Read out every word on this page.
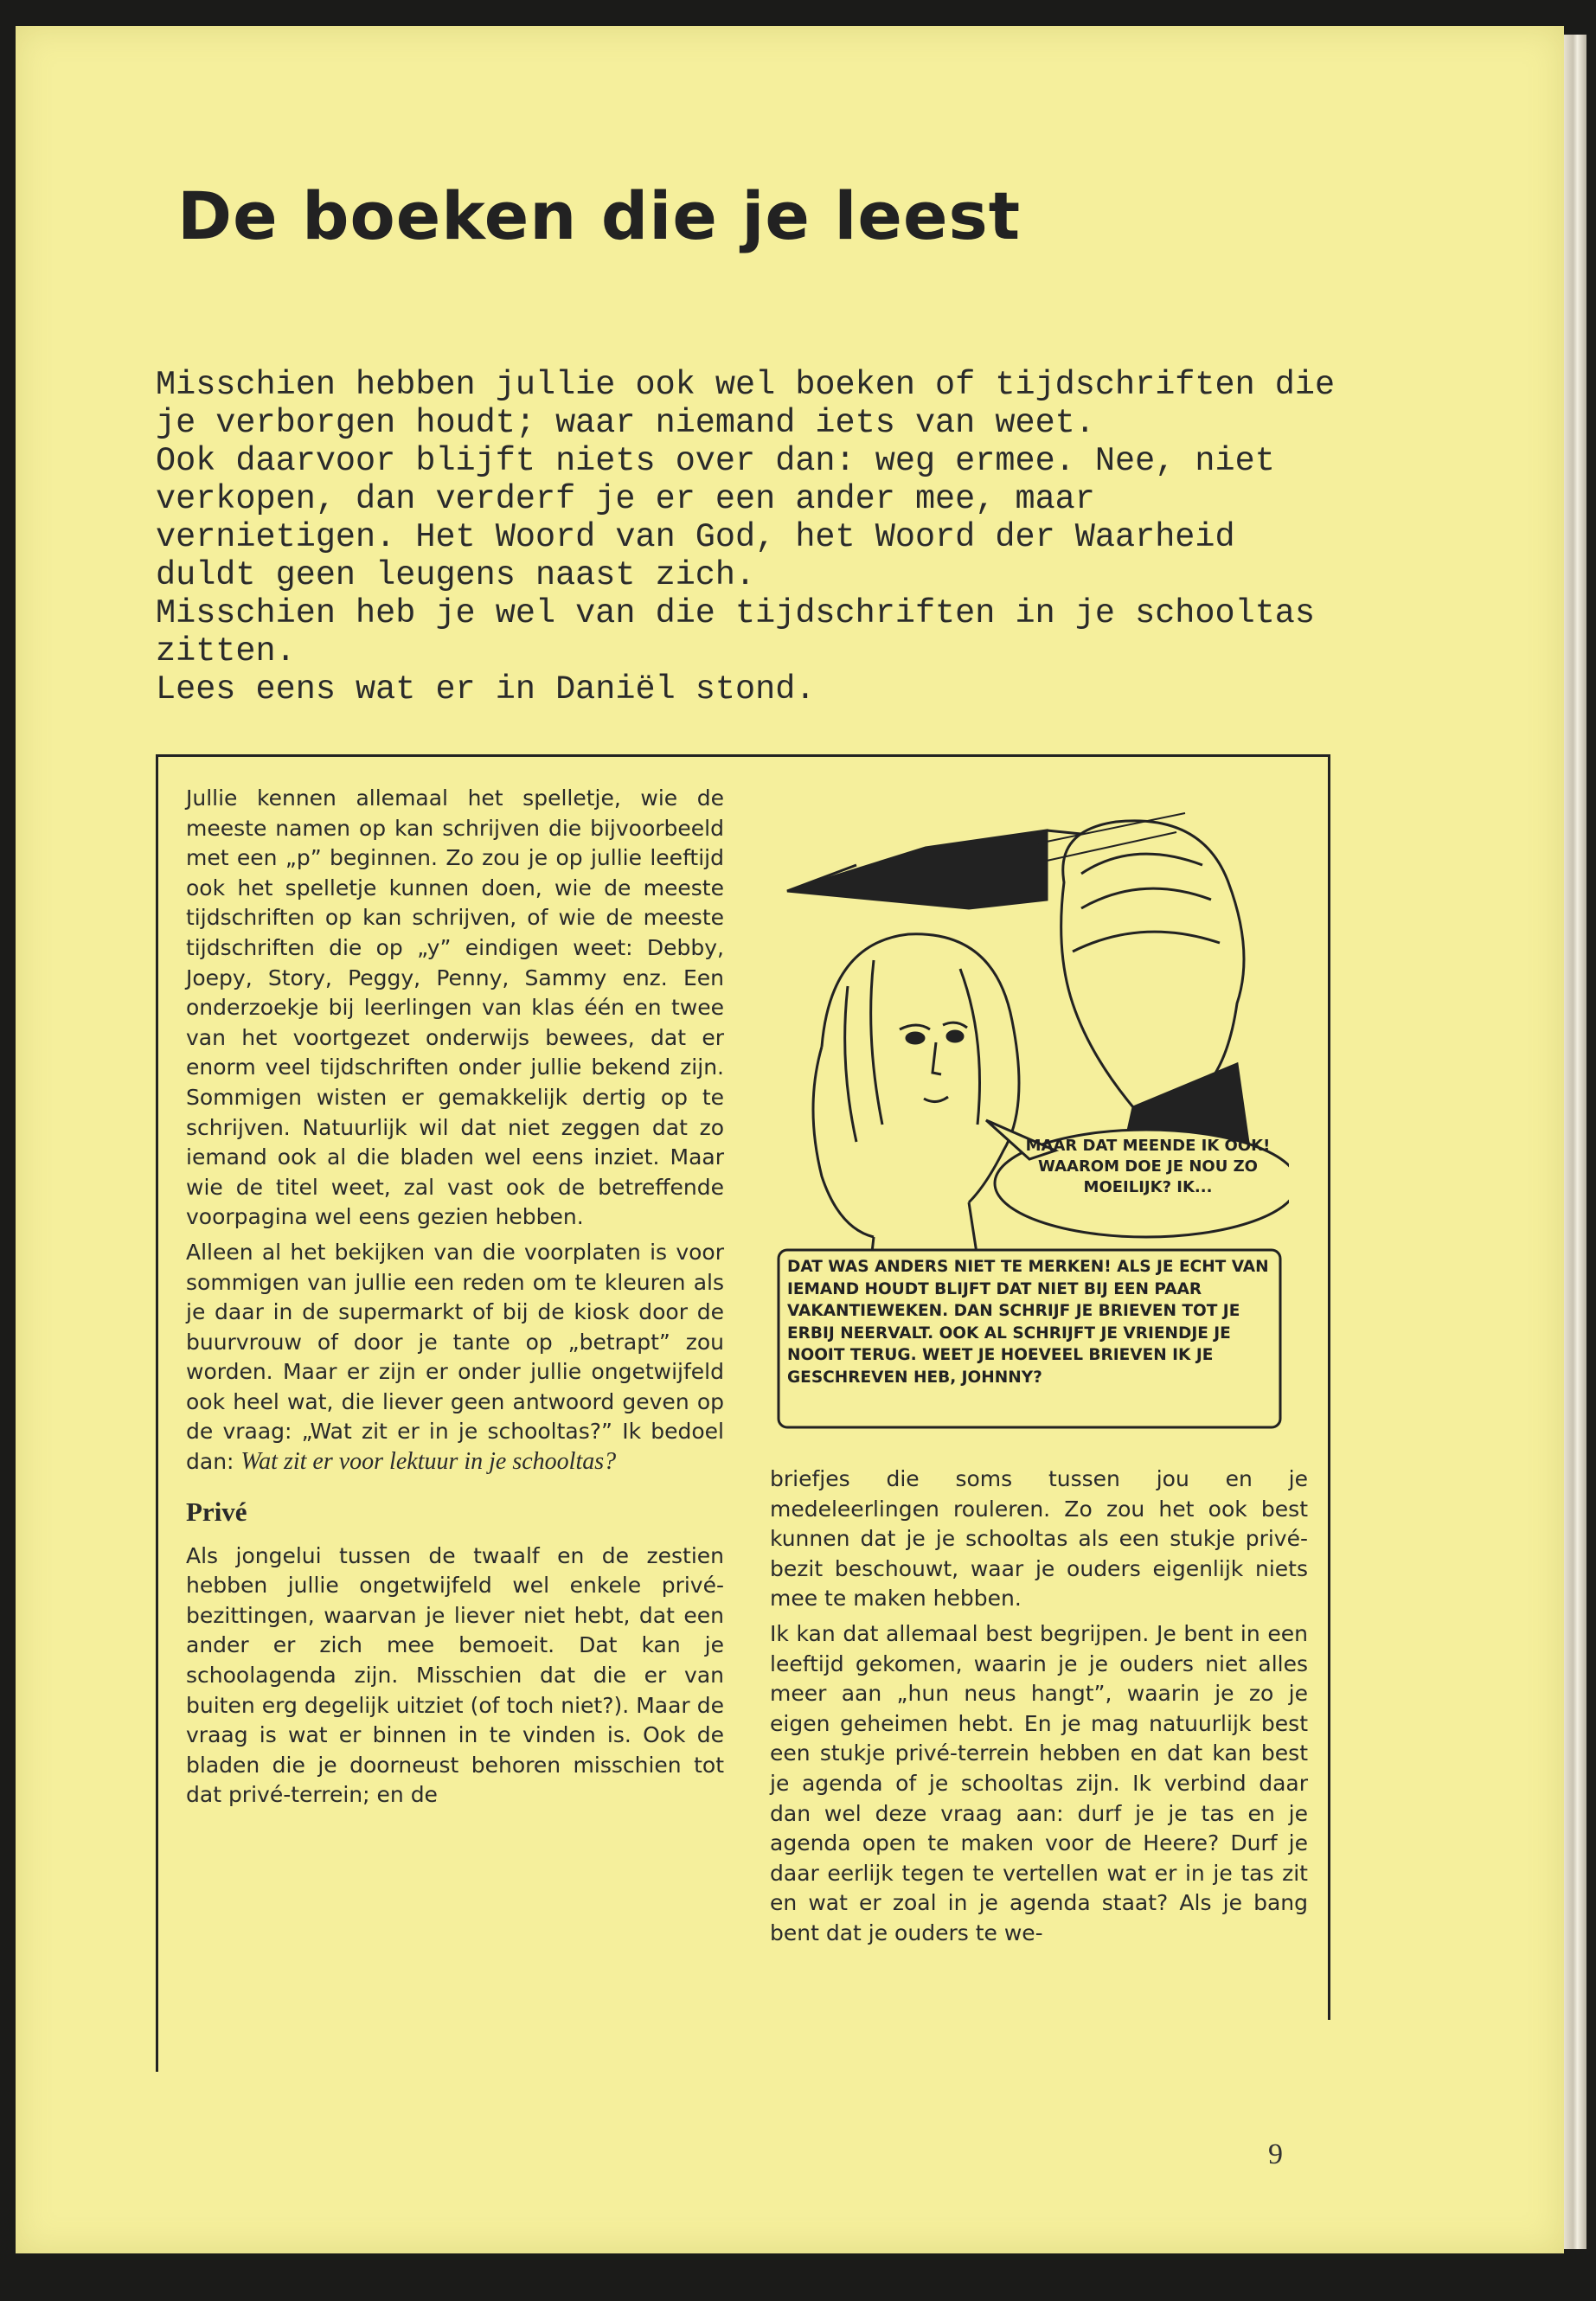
De boeken die je leest

Misschien hebben jullie ook wel boeken of tijdschriften die je verborgen houdt; waar niemand iets van weet.

Ook daarvoor blijft niets over dan: weg ermee. Nee, niet verkopen, dan verderf je er een ander mee, maar vernietigen. Het Woord van God, het Woord der Waarheid duldt geen leugens naast zich.

Misschien heb je wel van die tijdschriften in je schooltas zitten.

Lees eens wat er in Daniël stond.

Jullie kennen allemaal het spelletje, wie de meeste namen op kan schrijven die bijvoorbeeld met een „p” beginnen. Zo zou je op jullie leeftijd ook het spelletje kunnen doen, wie de meeste tijdschriften op kan schrijven, of wie de meeste tijdschriften die op „y” eindigen weet: Debby, Joepy, Story, Peggy, Penny, Sammy enz. Een onderzoekje bij leerlingen van klas één en twee van het voortgezet onderwijs bewees, dat er enorm veel tijdschriften onder jullie bekend zijn. Sommigen wisten er gemakkelijk dertig op te schrijven. Natuurlijk wil dat niet zeggen dat zo iemand ook al die bladen wel eens inziet. Maar wie de titel weet, zal vast ook de betreffende voorpagina wel eens gezien hebben.

Alleen al het bekijken van die voorplaten is voor sommigen van jullie een reden om te kleuren als je daar in de supermarkt of bij de kiosk door de buurvrouw of door je tante op „betrapt” zou worden. Maar er zijn er onder jullie ongetwijfeld ook heel wat, die liever geen antwoord geven op de vraag: „Wat zit er in je schooltas?” Ik bedoel dan: Wat zit er voor lektuur in je schooltas?

Privé

Als jongelui tussen de twaalf en de zestien hebben jullie ongetwijfeld wel enkele privé-bezittingen, waarvan je liever niet hebt, dat een ander er zich mee bemoeit. Dat kan je schoolagenda zijn. Misschien dat die er van buiten erg degelijk uitziet (of toch niet?). Maar de vraag is wat er binnen in te vinden is. Ook de bladen die je doorneust behoren misschien tot dat privé-terrein; en de

MAAR DAT MEENDE IK OOK! WAAROM DOE JE NOU ZO MOEILIJK? IK...

DAT WAS ANDERS NIET TE MERKEN! ALS JE ECHT VAN IEMAND HOUDT BLIJFT DAT NIET BIJ EEN PAAR VAKANTIEWEKEN. DAN SCHRIJF JE BRIEVEN TOT JE ERBIJ NEERVALT. OOK AL SCHRIJFT JE VRIENDJE JE NOOIT TERUG. WEET JE HOEVEEL BRIEVEN IK JE GESCHREVEN HEB, JOHNNY?

briefjes die soms tussen jou en je medeleerlingen rouleren. Zo zou het ook best kunnen dat je je schooltas als een stukje privé-bezit beschouwt, waar je ouders eigenlijk niets mee te maken hebben.

Ik kan dat allemaal best begrijpen. Je bent in een leeftijd gekomen, waarin je je ouders niet alles meer aan „hun neus hangt”, waarin je zo je eigen geheimen hebt. En je mag natuurlijk best een stukje privé-terrein hebben en dat kan best je agenda of je schooltas zijn. Ik verbind daar dan wel deze vraag aan: durf je je tas en je agenda open te maken voor de Heere? Durf je daar eerlijk tegen te vertellen wat er in je tas zit en wat er zoal in je agenda staat? Als je bang bent dat je ouders te we-

9
